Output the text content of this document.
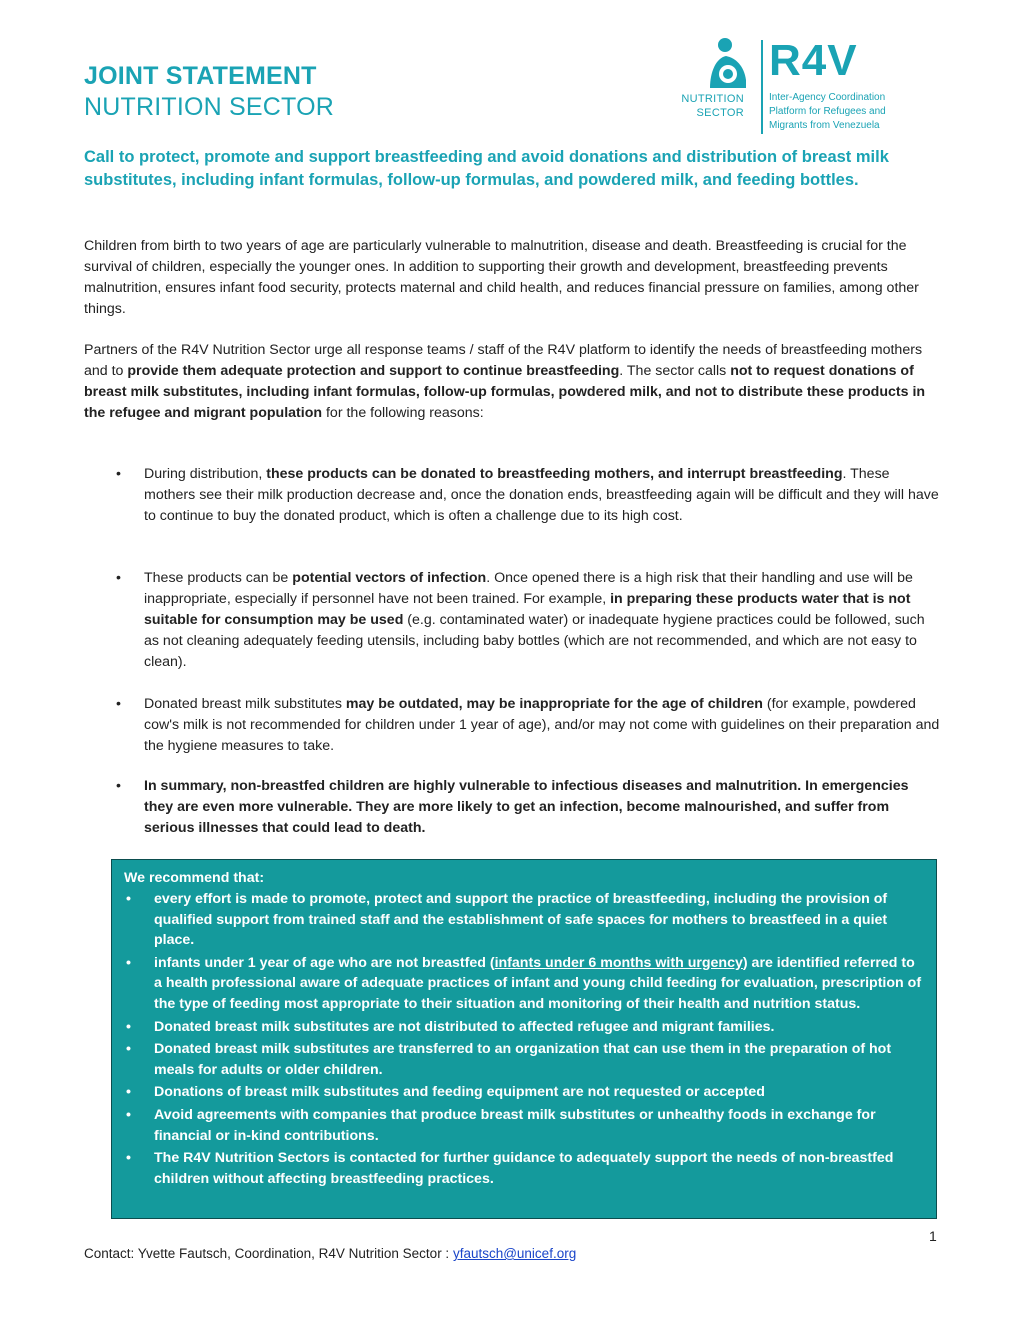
JOINT STATEMENT
NUTRITION SECTOR	NUTRITION
SECTOR
R4V
Inter-Agency Coordination Platform for Refugees and Migrants from Venezuela
Call to protect, promote and support breastfeeding and avoid donations and distribution of breast milk substitutes, including infant formulas, follow-up formulas, and powdered milk, and feeding bottles.
Children from birth to two years of age are particularly vulnerable to malnutrition, disease and death. Breastfeeding is crucial for the survival of children, especially the younger ones. In addition to supporting their growth and development, breastfeeding prevents malnutrition, ensures infant food security, protects maternal and child health, and reduces financial pressure on families, among other things.
Partners of the R4V Nutrition Sector urge all response teams / staff of the R4V platform to identify the needs of breastfeeding mothers and to provide them adequate protection and support to continue breastfeeding. The sector calls not to request donations of breast milk substitutes, including infant formulas, follow-up formulas, powdered milk, and not to distribute these products in the refugee and migrant population for the following reasons:
• During distribution, these products can be donated to breastfeeding mothers, and interrupt breastfeeding. These mothers see their milk production decrease and, once the donation ends, breastfeeding again will be difficult and they will have to continue to buy the donated product, which is often a challenge due to its high cost.
• These products can be potential vectors of infection. Once opened there is a high risk that their handling and use will be inappropriate, especially if personnel have not been trained. For example, in preparing these products water that is not suitable for consumption may be used (e.g. contaminated water) or inadequate hygiene practices could be followed, such as not cleaning adequately feeding utensils, including baby bottles (which are not recommended, and which are not easy to clean).
• Donated breast milk substitutes may be outdated, may be inappropriate for the age of children (for example, powdered cow's milk is not recommended for children under 1 year of age), and/or may not come with guidelines on their preparation and the hygiene measures to take.
• In summary, non-breastfed children are highly vulnerable to infectious diseases and malnutrition. In emergencies they are even more vulnerable. They are more likely to get an infection, become malnourished, and suffer from serious illnesses that could lead to death.
We recommend that:
• every effort is made to promote, protect and support the practice of breastfeeding, including the provision of qualified support from trained staff and the establishment of safe spaces for mothers to breastfeed in a quiet place.
• infants under 1 year of age who are not breastfed (infants under 6 months with urgency) are identified referred to a health professional aware of adequate practices of infant and young child feeding for evaluation, prescription of the type of feeding most appropriate to their situation and monitoring of their health and nutrition status.
• Donated breast milk substitutes are not distributed to affected refugee and migrant families.
• Donated breast milk substitutes are transferred to an organization that can use them in the preparation of hot meals for adults or older children.
• Donations of breast milk substitutes and feeding equipment are not requested or accepted
• Avoid agreements with companies that produce breast milk substitutes or unhealthy foods in exchange for financial or in-kind contributions.
• The R4V Nutrition Sectors is contacted for further guidance to adequately support the needs of non-breastfed children without affecting breastfeeding practices.
1
Contact: Yvette Fautsch, Coordination, R4V Nutrition Sector : yfautsch@unicef.org
